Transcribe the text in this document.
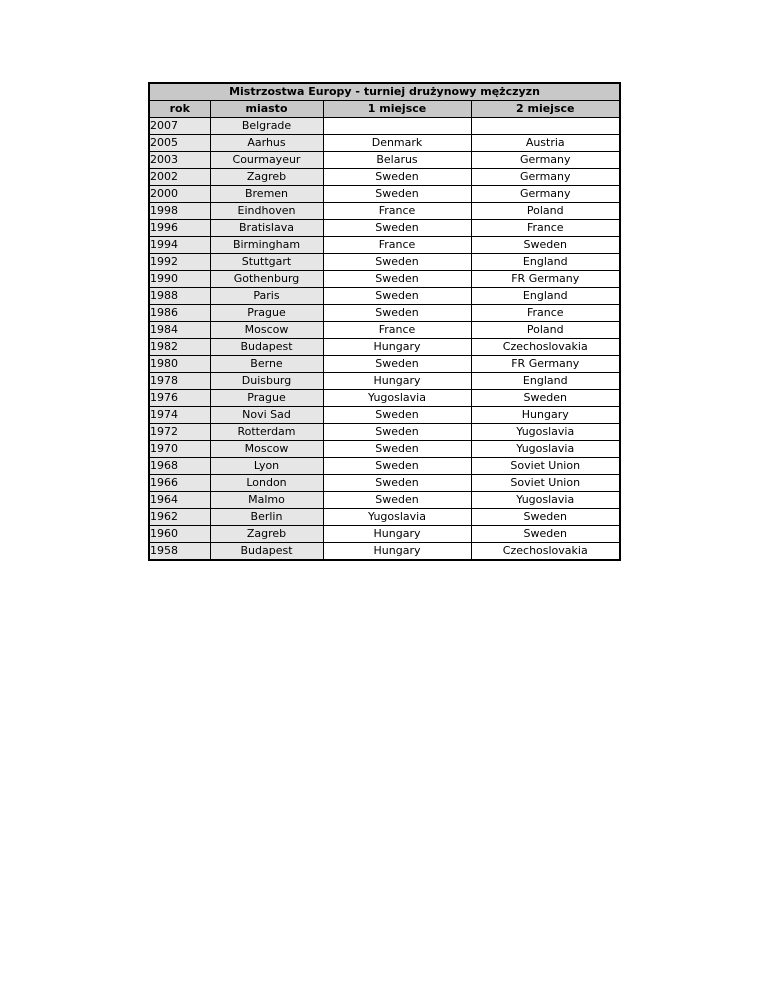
Mistrzostwa Europy - turniej drużynowy mężczyzn			
rok	miasto	1 miejsce	2 miejsce
2007	Belgrade		
2005	Aarhus	Denmark	Austria
2003	Courmayeur	Belarus	Germany
2002	Zagreb	Sweden	Germany
2000	Bremen	Sweden	Germany
1998	Eindhoven	France	Poland
1996	Bratislava	Sweden	France
1994	Birmingham	France	Sweden
1992	Stuttgart	Sweden	England
1990	Gothenburg	Sweden	FR Germany
1988	Paris	Sweden	England
1986	Prague	Sweden	France
1984	Moscow	France	Poland
1982	Budapest	Hungary	Czechoslovakia
1980	Berne	Sweden	FR Germany
1978	Duisburg	Hungary	England
1976	Prague	Yugoslavia	Sweden
1974	Novi Sad	Sweden	Hungary
1972	Rotterdam	Sweden	Yugoslavia
1970	Moscow	Sweden	Yugoslavia
1968	Lyon	Sweden	Soviet Union
1966	London	Sweden	Soviet Union
1964	Malmo	Sweden	Yugoslavia
1962	Berlin	Yugoslavia	Sweden
1960	Zagreb	Hungary	Sweden
1958	Budapest	Hungary	Czechoslovakia
